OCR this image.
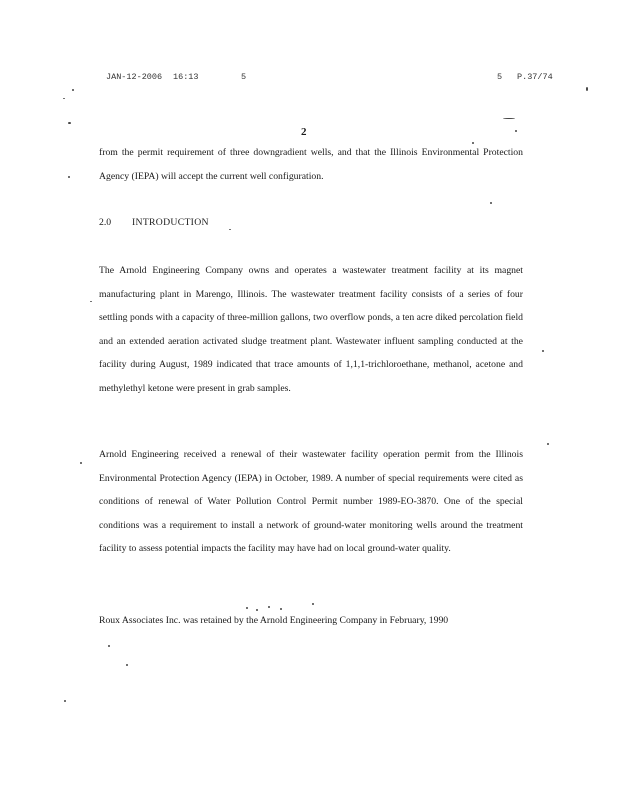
JAN-12-2006 16:13	5	5 P.37/74
2

from the permit requirement of three downgradient wells, and that the Illinois Environmental Protection Agency (IEPA) will accept the current well configuration.

2.0 INTRODUCTION

The Arnold Engineering Company owns and operates a wastewater treatment facility at its magnet manufacturing plant in Marengo, Illinois. The wastewater treatment facility consists of a series of four settling ponds with a capacity of three-million gallons, two overflow ponds, a ten acre diked percolation field and an extended aeration activated sludge treatment plant. Wastewater influent sampling conducted at the facility during August, 1989 indicated that trace amounts of 1,1,1-trichloroethane, methanol, acetone and methylethyl ketone were present in grab samples.

Arnold Engineering received a renewal of their wastewater facility operation permit from the Illinois Environmental Protection Agency (IEPA) in October, 1989. A number of special requirements were cited as conditions of renewal of Water Pollution Control Permit number 1989-EO-3870. One of the special conditions was a requirement to install a network of ground-water monitoring wells around the treatment facility to assess potential impacts the facility may have had on local ground-water quality.

Roux Associates Inc. was retained by the Arnold Engineering Company in February, 1990
